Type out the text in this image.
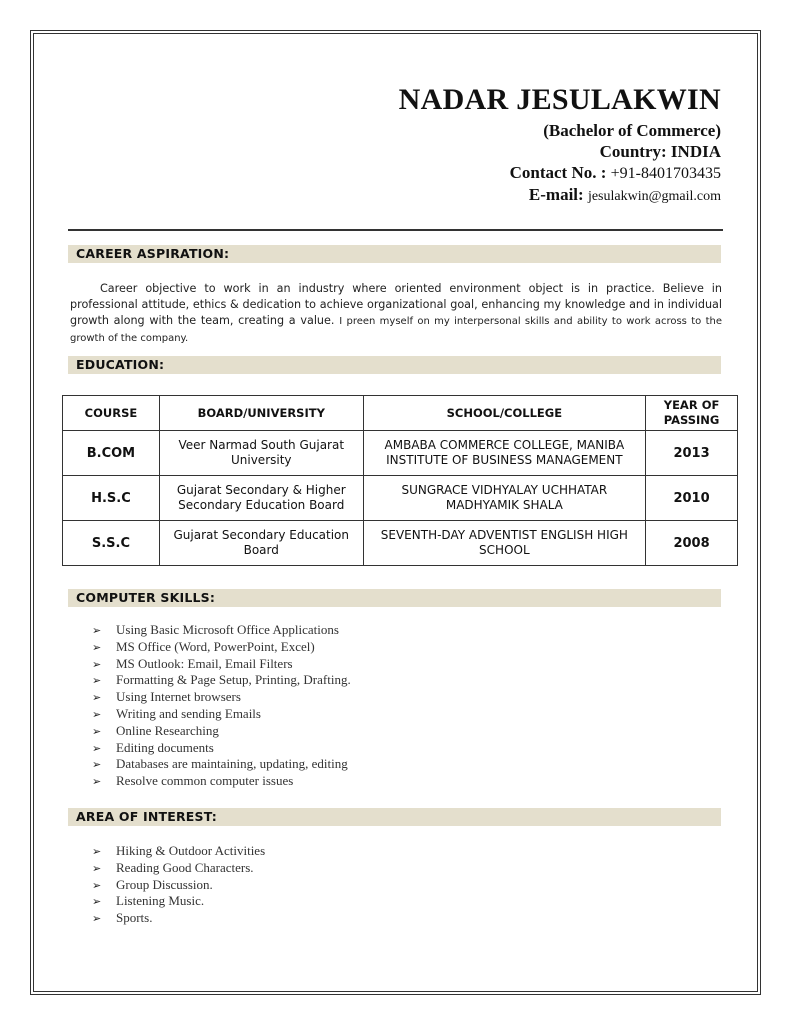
NADAR JESULAKWIN
(Bachelor of Commerce)
Country: INDIA
Contact No. : +91-8401703435
E-mail: jesulakwin@gmail.com
CAREER ASPIRATION:
Career objective to work in an industry where oriented environment object is in practice. Believe in professional attitude, ethics & dedication to achieve organizational goal, enhancing my knowledge and in individual growth along with the team, creating a value. I preen myself on my interpersonal skills and ability to work across to the growth of the company.
EDUCATION:
COURSE	BOARD/UNIVERSITY	SCHOOL/COLLEGE	YEAR OF PASSING
B.COM	Veer Narmad South Gujarat University	AMBABA COMMERCE COLLEGE, MANIBA INSTITUTE OF BUSINESS MANAGEMENT	2013
H.S.C	Gujarat Secondary & Higher Secondary Education Board	SUNGRACE VIDHYALAY UCHHATAR MADHYAMIK SHALA	2010
S.S.C	Gujarat Secondary Education Board	SEVENTH-DAY ADVENTIST ENGLISH HIGH SCHOOL	2008
COMPUTER SKILLS:
➢ Using Basic Microsoft Office Applications
➢ MS Office (Word, PowerPoint, Excel)
➢ MS Outlook: Email, Email Filters
➢ Formatting & Page Setup, Printing, Drafting.
➢ Using Internet browsers
➢ Writing and sending Emails
➢ Online Researching
➢ Editing documents
➢ Databases are maintaining, updating, editing
➢ Resolve common computer issues
AREA OF INTEREST:
➢ Hiking & Outdoor Activities
➢ Reading Good Characters.
➢ Group Discussion.
➢ Listening Music.
➢ Sports.
